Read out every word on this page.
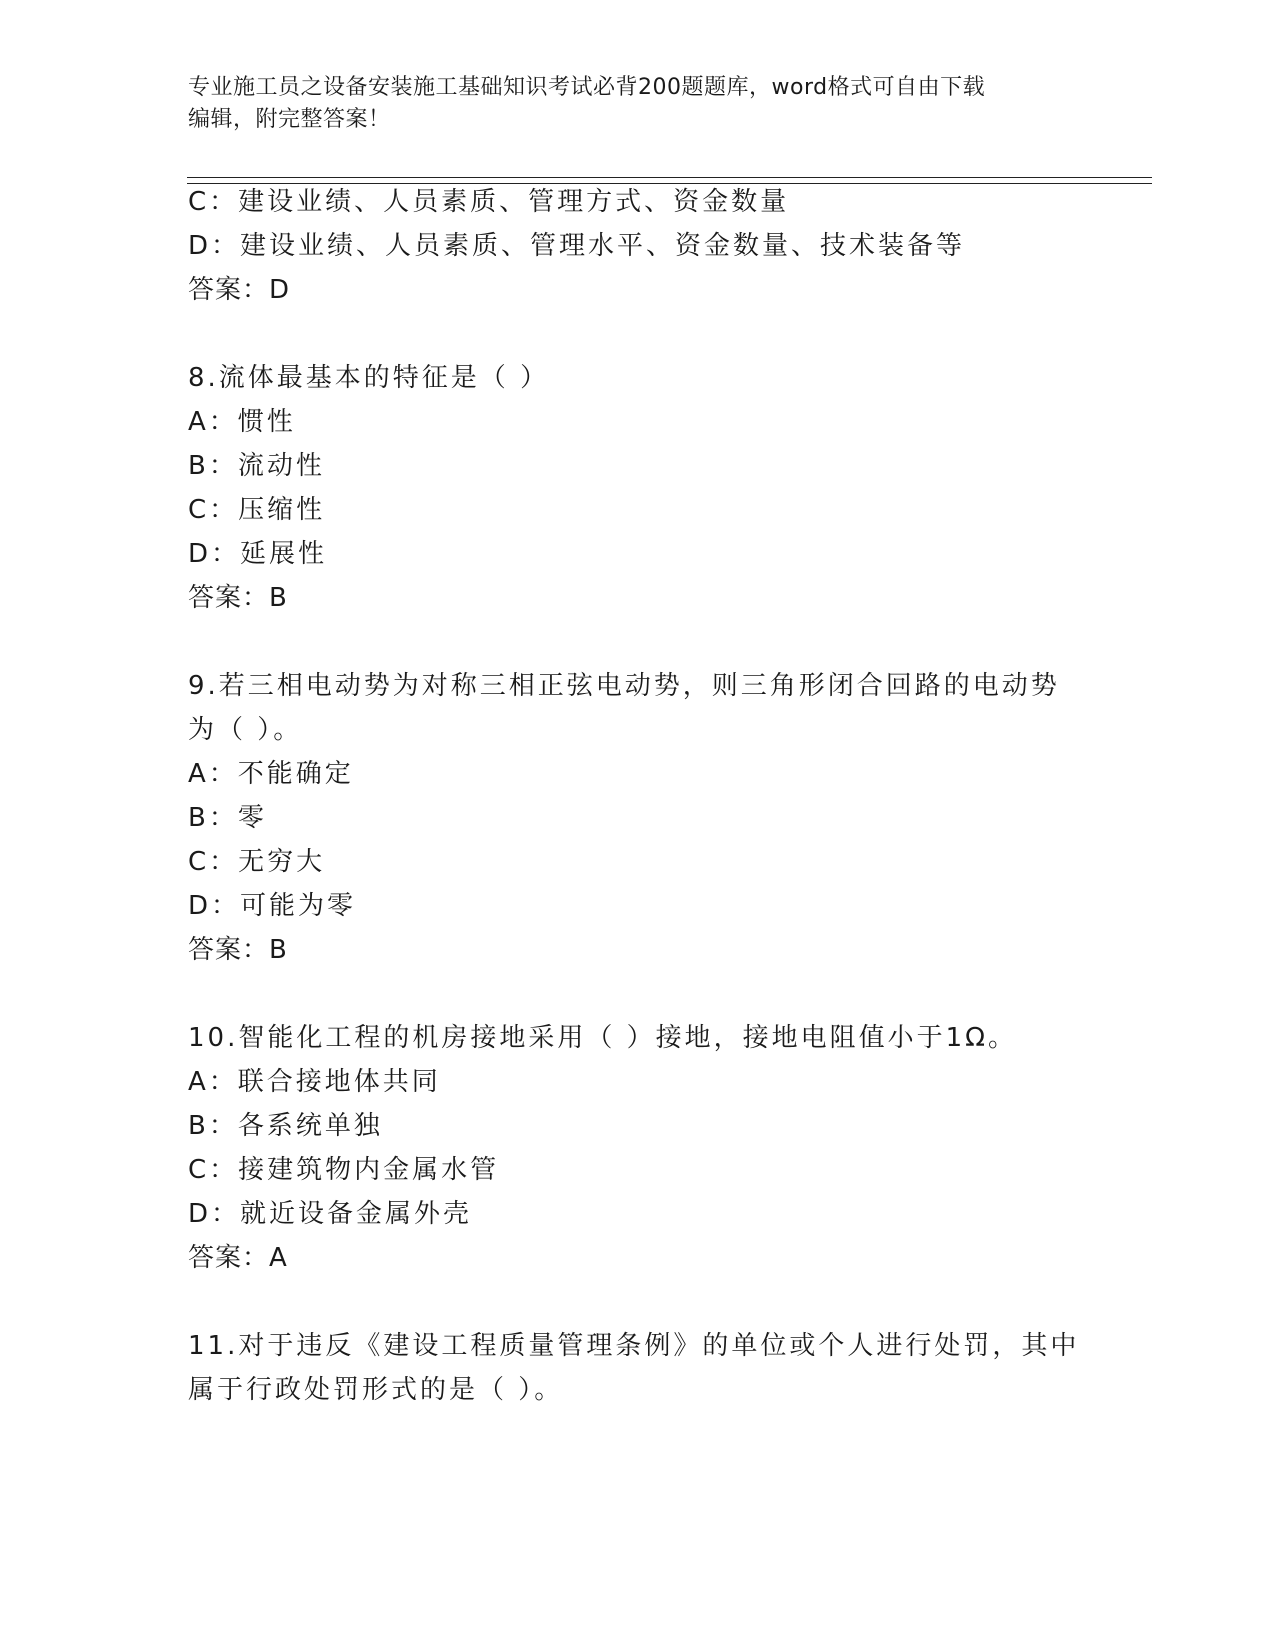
专业施工员之设备安装施工基础知识考试必背200题题库，word格式可自由下载
编辑，附完整答案！
C：建设业绩、人员素质、管理方式、资金数量
D：建设业绩、人员素质、管理水平、资金数量、技术装备等
答案：D
8.流体最基本的特征是（ ）
A：惯性
B：流动性
C：压缩性
D：延展性
答案：B
9.若三相电动势为对称三相正弦电动势，则三角形闭合回路的电动势
为（ ）。
A：不能确定
B：零
C：无穷大
D：可能为零
答案：B
10.智能化工程的机房接地采用（ ）接地，接地电阻值小于1Ω。
A：联合接地体共同
B：各系统单独
C：接建筑物内金属水管
D：就近设备金属外壳
答案：A
11.对于违反《建设工程质量管理条例》的单位或个人进行处罚，其中
属于行政处罚形式的是（ ）。
